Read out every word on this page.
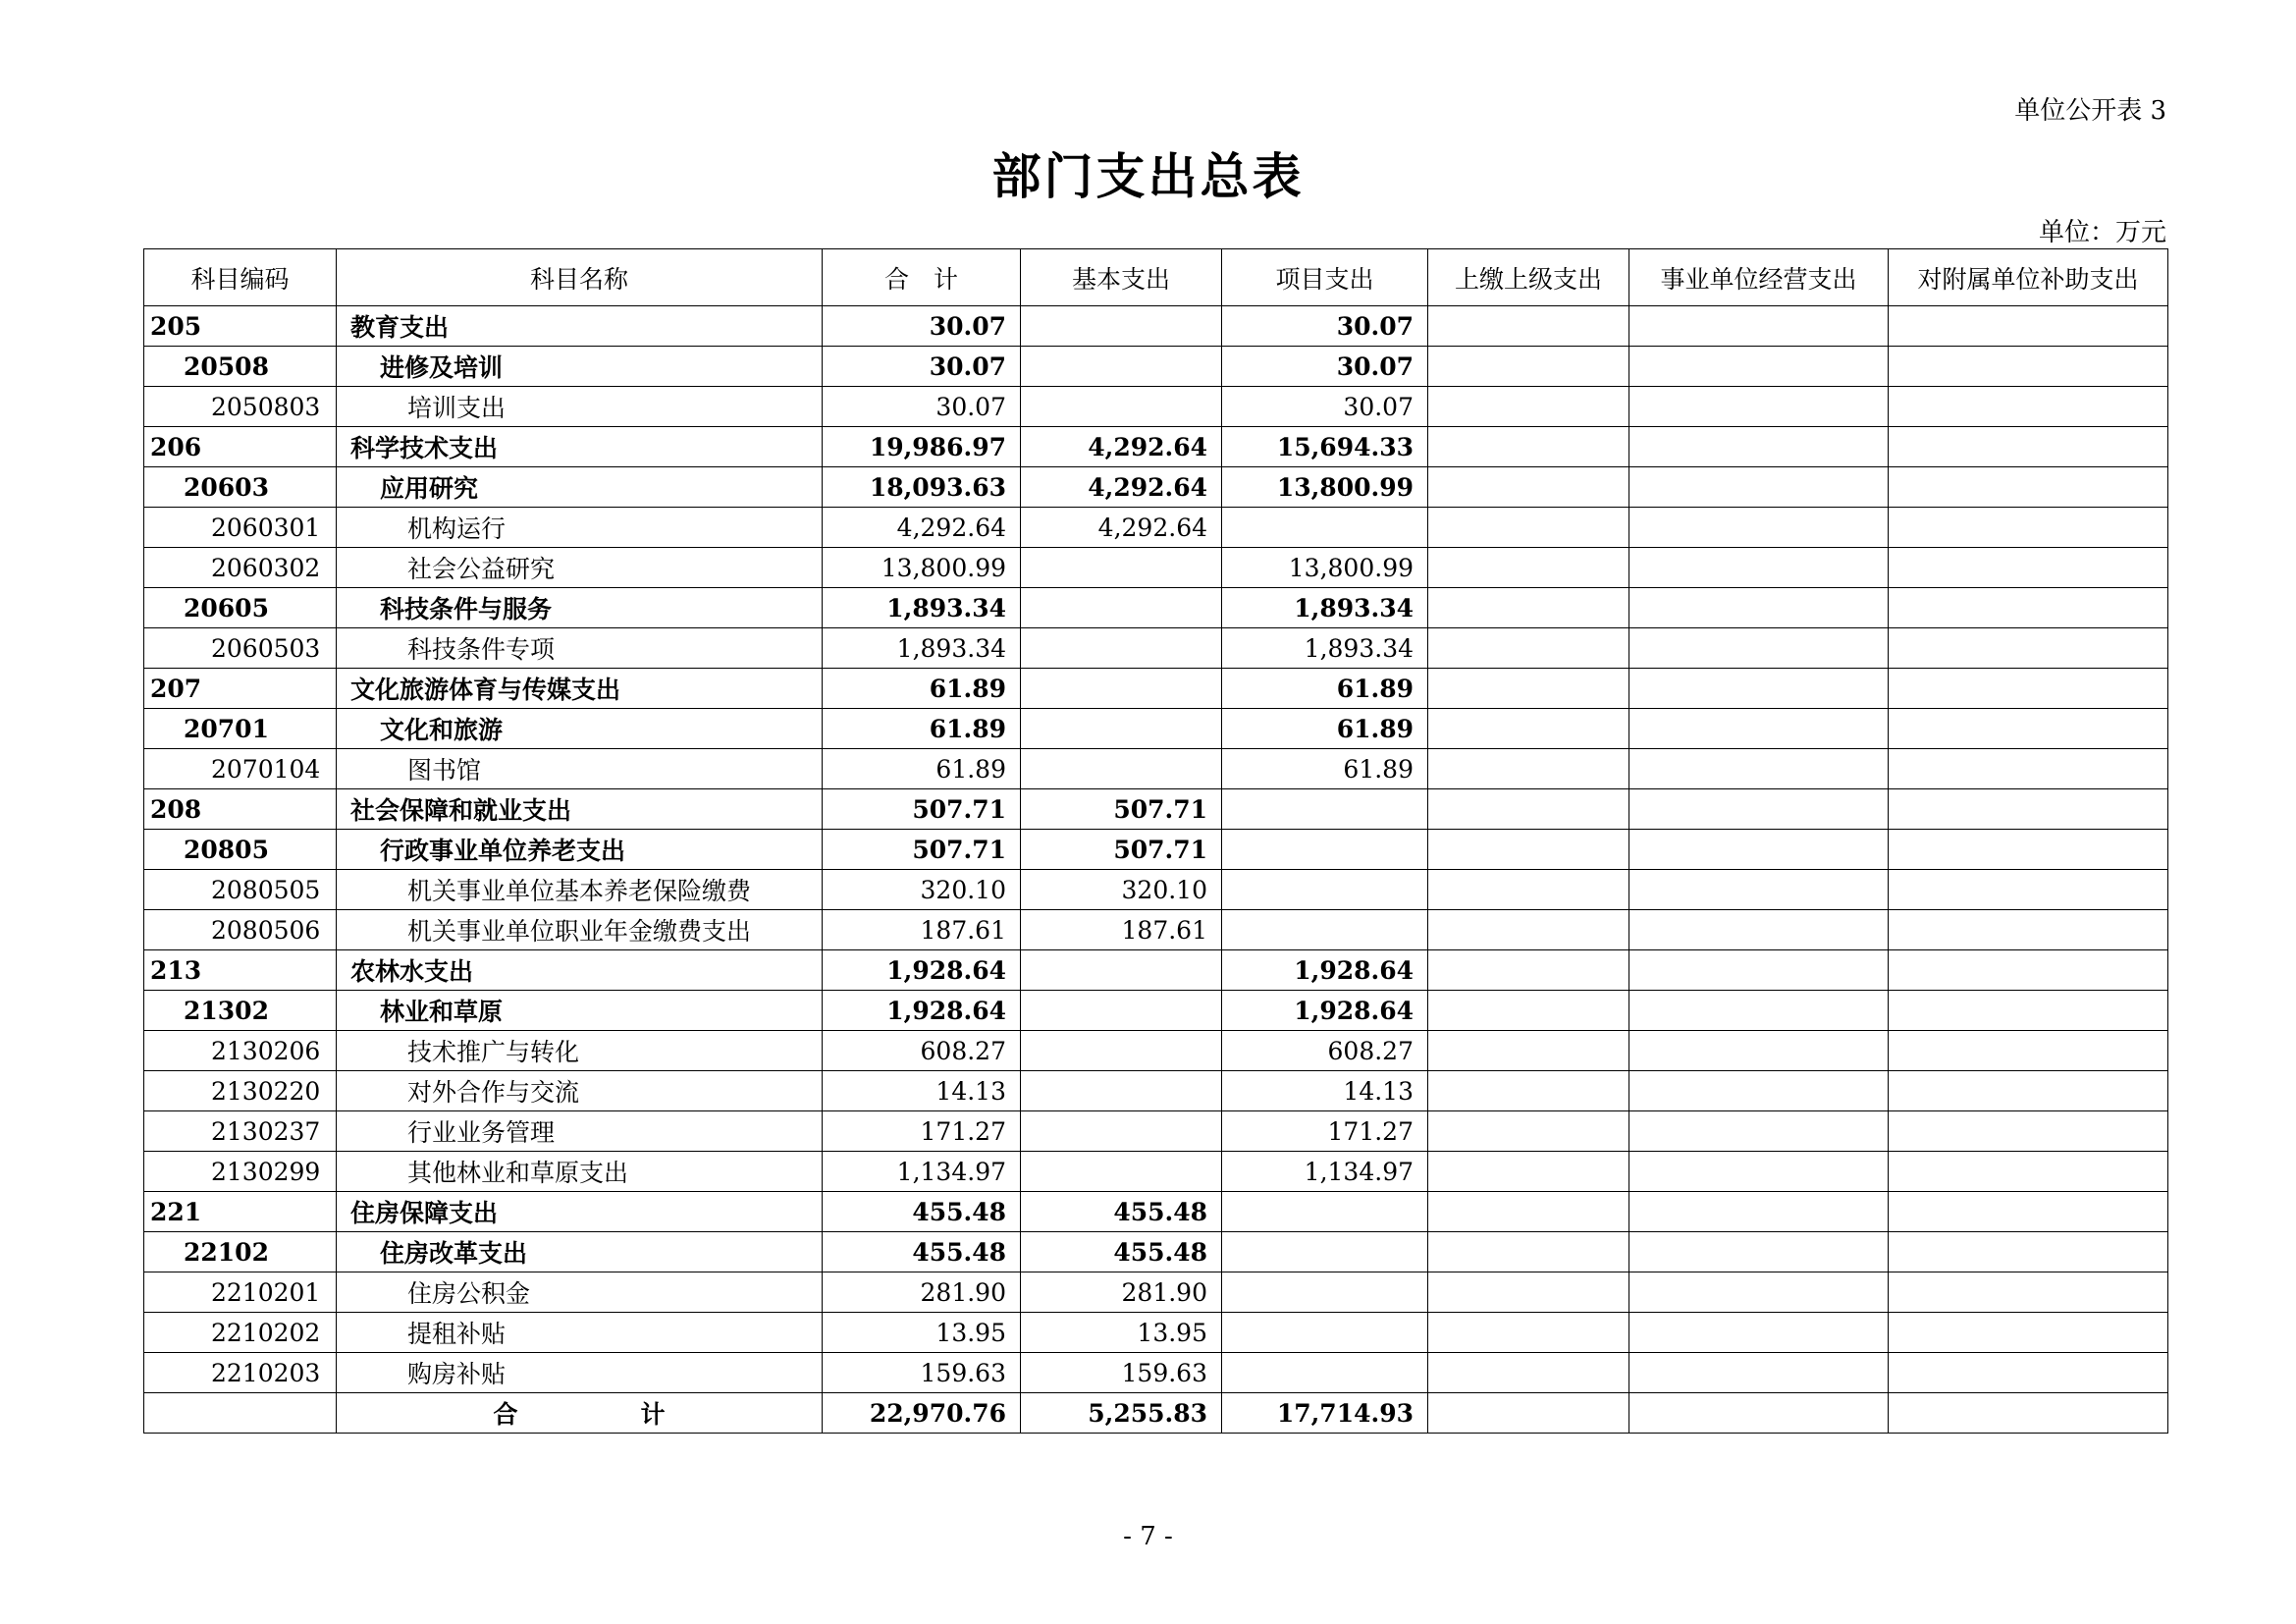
单位公开表 3
部门支出总表
单位：万元
科目编码	科目名称	合　计	基本支出	项目支出	上缴上级支出	事业单位经营支出	对附属单位补助支出
205	教育支出	30.07		30.07			
20508	进修及培训	30.07		30.07			
2050803	培训支出	30.07		30.07			
206	科学技术支出	19,986.97	4,292.64	15,694.33			
20603	应用研究	18,093.63	4,292.64	13,800.99			
2060301	机构运行	4,292.64	4,292.64				
2060302	社会公益研究	13,800.99		13,800.99			
20605	科技条件与服务	1,893.34		1,893.34			
2060503	科技条件专项	1,893.34		1,893.34			
207	文化旅游体育与传媒支出	61.89		61.89			
20701	文化和旅游	61.89		61.89			
2070104	图书馆	61.89		61.89			
208	社会保障和就业支出	507.71	507.71				
20805	行政事业单位养老支出	507.71	507.71				
2080505	机关事业单位基本养老保险缴费	320.10	320.10				
2080506	机关事业单位职业年金缴费支出	187.61	187.61				
213	农林水支出	1,928.64		1,928.64			
21302	林业和草原	1,928.64		1,928.64			
2130206	技术推广与转化	608.27		608.27			
2130220	对外合作与交流	14.13		14.13			
2130237	行业业务管理	171.27		171.27			
2130299	其他林业和草原支出	1,134.97		1,134.97			
221	住房保障支出	455.48	455.48				
22102	住房改革支出	455.48	455.48				
2210201	住房公积金	281.90	281.90				
2210202	提租补贴	13.95	13.95				
2210203	购房补贴	159.63	159.63				
	合　　　　　计	22,970.76	5,255.83	17,714.93			
- 7 -
